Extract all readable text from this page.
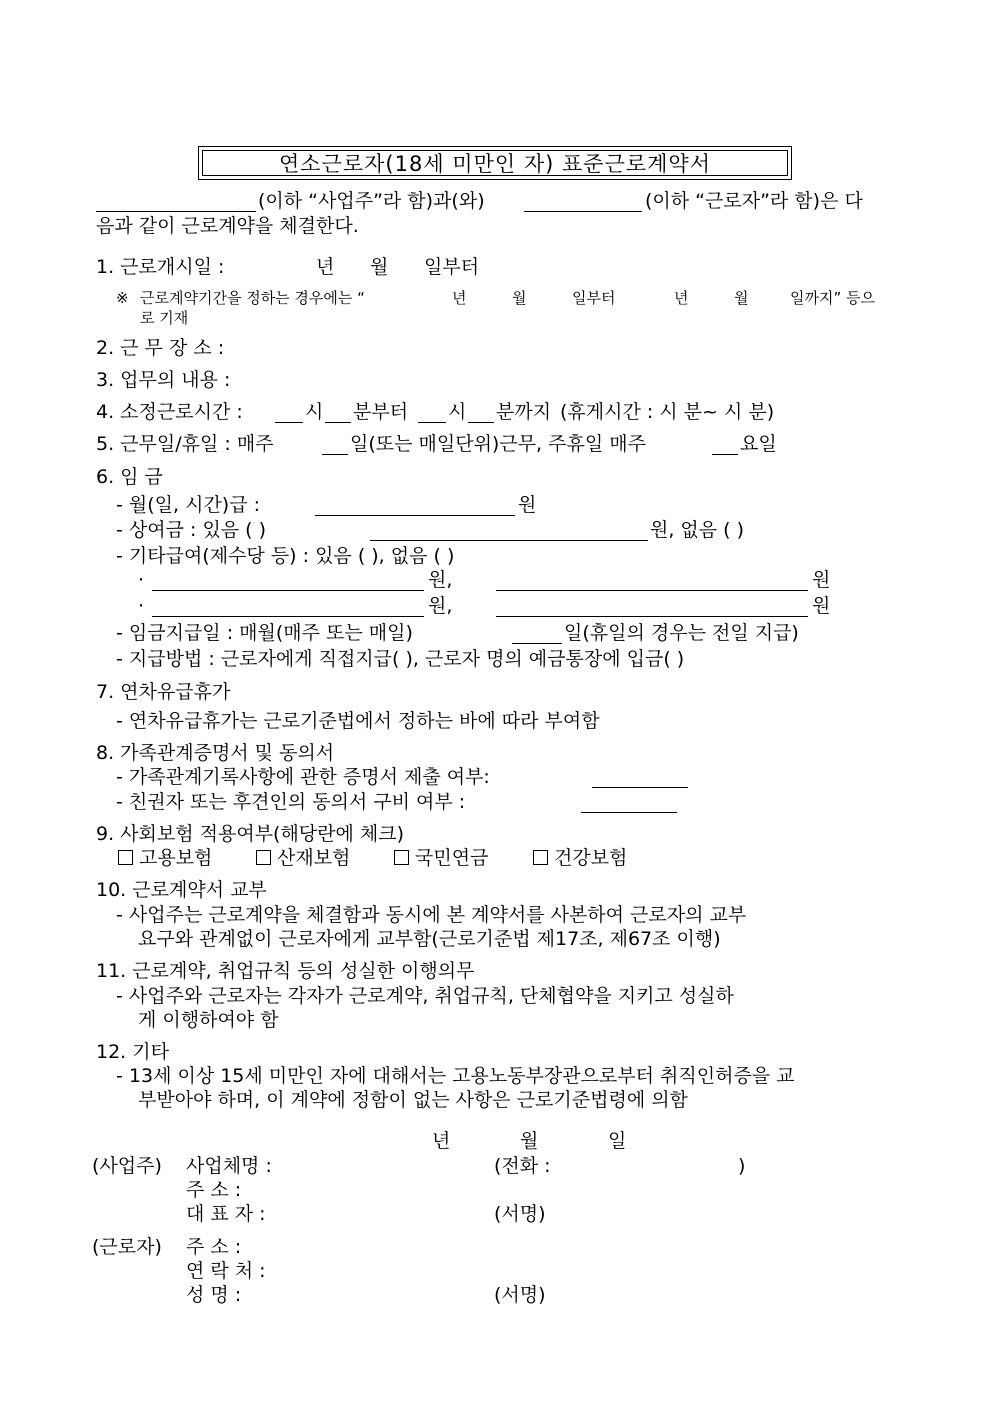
연소근로자(18세 미만인 자) 표준근로계약서
(이하 “사업주”라 함)과(와)	(이하 “근로자”라 함)은 다
음과 같이 근로계약을 체결한다.
1. 근로개시일 :	년 월 일부터
※ 근로계약기간을 정하는 경우에는 “	년	월	일부터	년	월	일까지” 등으
로 기재
2. 근 무 장 소 :
3. 업무의 내용 :
4. 소정근로시간 :	시 분부터 시 분까지 (휴게시간 : 시 분~ 시 분)
5. 근무일/휴일 : 매주	일(또는 매일단위)근무, 주휴일 매주	요일
6. 임 금
- 월(일, 시간)급 :	원
- 상여금 : 있음 ( )	원, 없음 ( )
- 기타급여(제수당 등) : 있음 ( ), 없음 ( )
·	원,	원
·	원,	원
- 임금지급일 : 매월(매주 또는 매일)	일(휴일의 경우는 전일 지급)
- 지급방법 : 근로자에게 직접지급( ), 근로자 명의 예금통장에 입금( )
7. 연차유급휴가
- 연차유급휴가는 근로기준법에서 정하는 바에 따라 부여함
8. 가족관계증명서 및 동의서
- 가족관계기록사항에 관한 증명서 제출 여부:
- 친권자 또는 후견인의 동의서 구비 여부 :
9. 사회보험 적용여부(해당란에 체크)
고용보험	산재보험	국민연금	건강보험
10. 근로계약서 교부
- 사업주는 근로계약을 체결함과 동시에 본 계약서를 사본하여 근로자의 교부
요구와 관계없이 근로자에게 교부함(근로기준법 제17조, 제67조 이행)
11. 근로계약, 취업규칙 등의 성실한 이행의무
- 사업주와 근로자는 각자가 근로계약, 취업규칙, 단체협약을 지키고 성실하
게 이행하여야 함
12. 기타
- 13세 이상 15세 미만인 자에 대해서는 고용노동부장관으로부터 취직인허증을 교
부받아야 하며, 이 계약에 정함이 없는 사항은 근로기준법령에 의함
년	월	일
(사업주) 사업체명 :	(전화 :	)
주 소 :
대 표 자 :	(서명)
(근로자) 주 소 :
연 락 처 :
성 명 :	(서명)
